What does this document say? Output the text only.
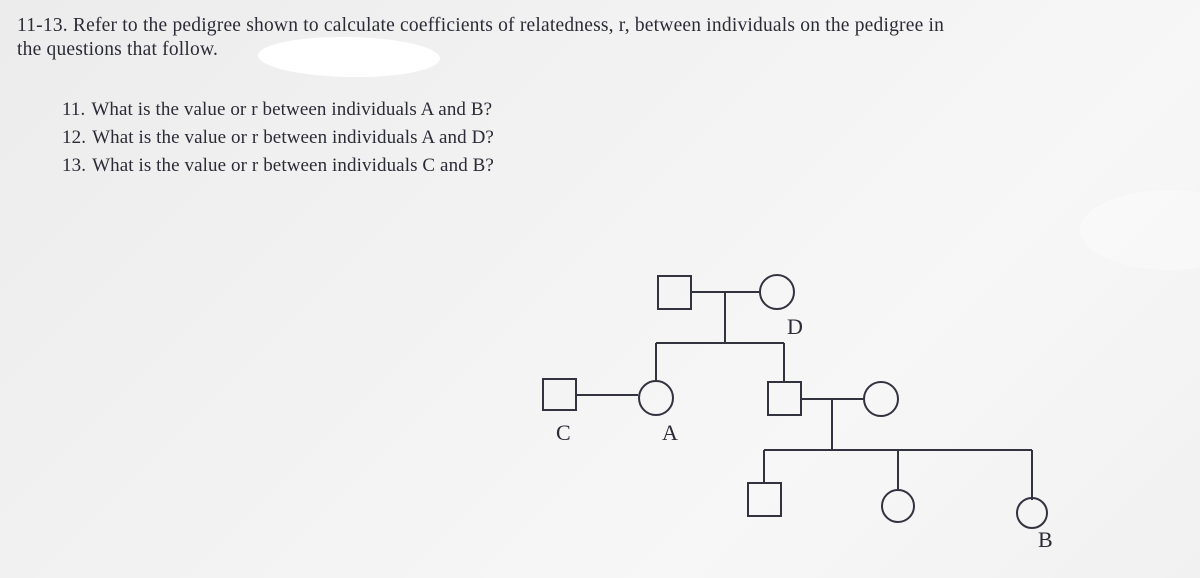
11-13. Refer to the pedigree shown to calculate coefficients of relatedness, r, between individuals on the pedigree in
the questions that follow.
11. What is the value or r between individuals A and B?
12. What is the value or r between individuals A and D?
13. What is the value or r between individuals C and B?
D
C	A
B
